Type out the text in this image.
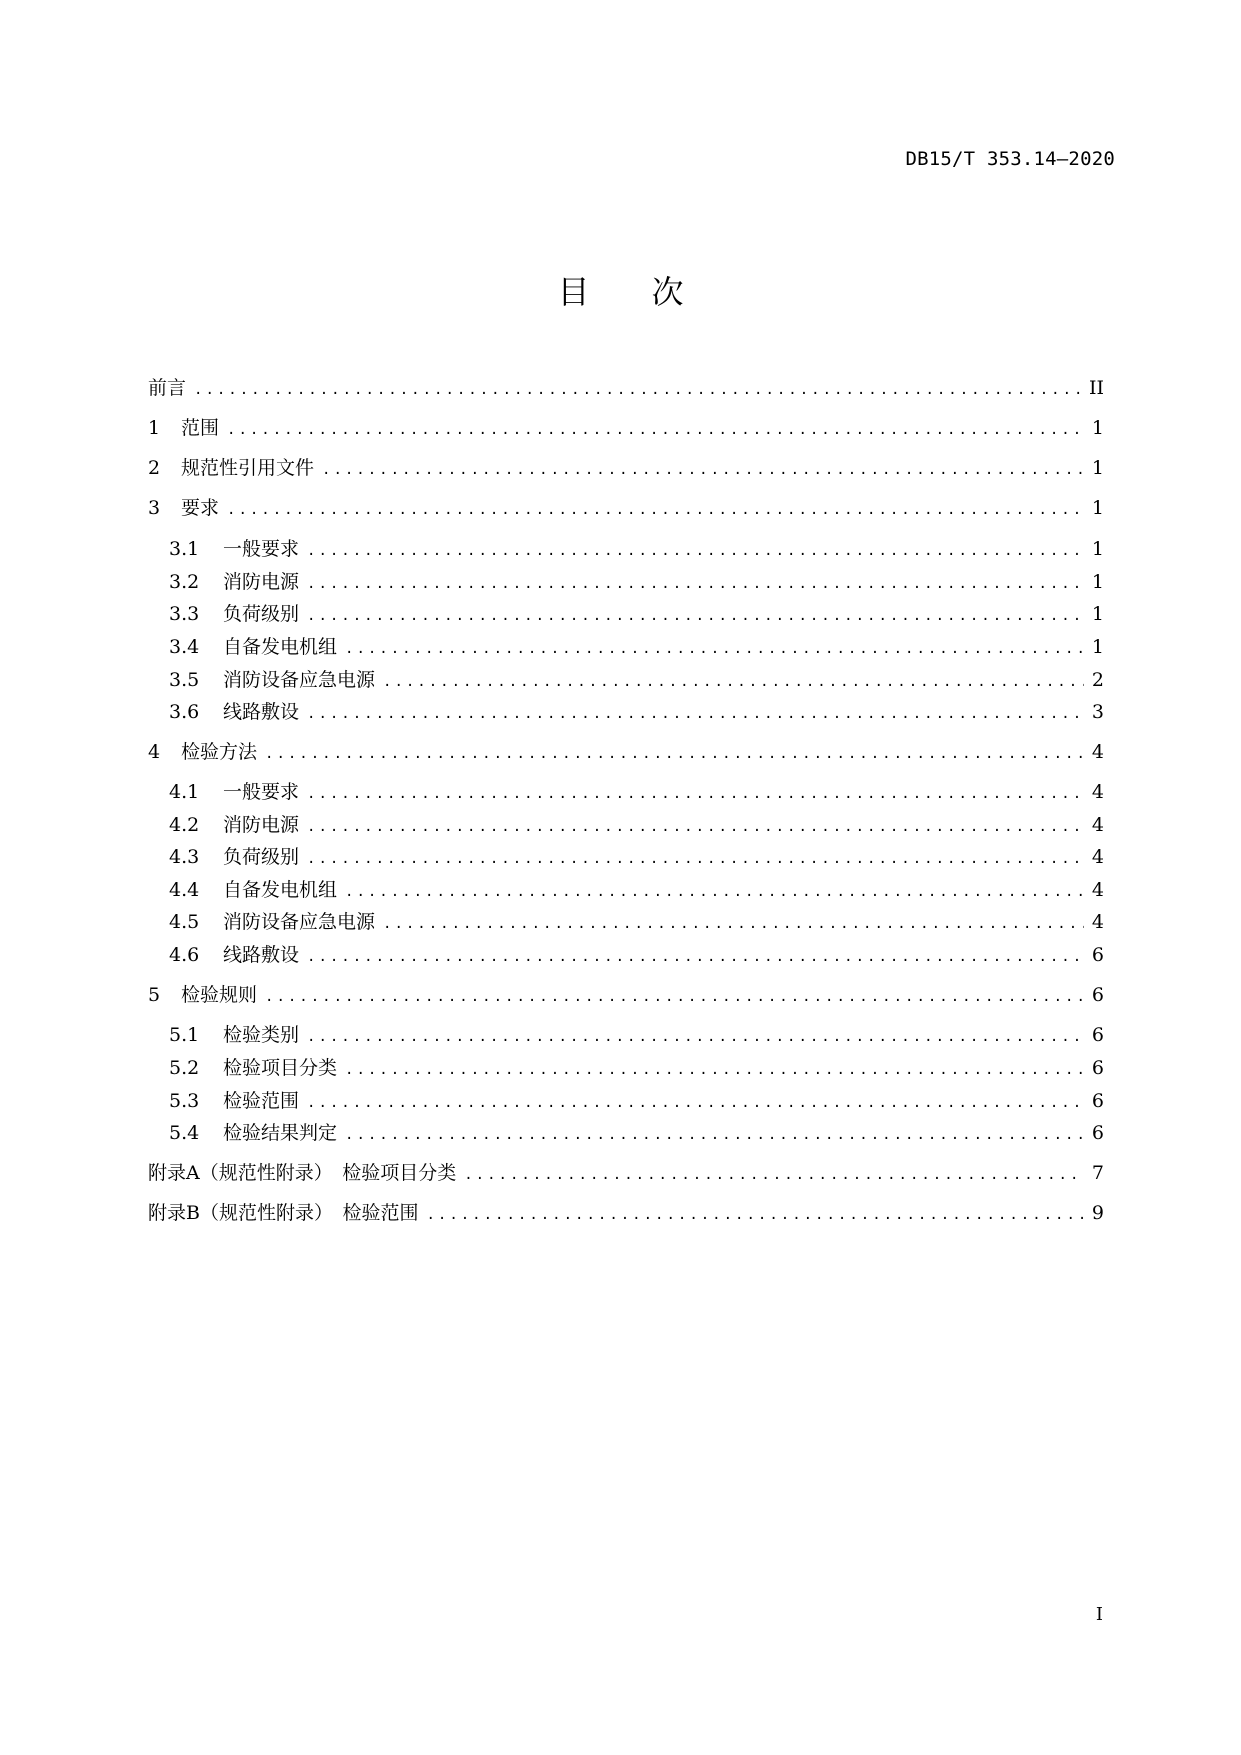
DB15/T 353.14—2020
目次
前言 .....	II
1	范围 .....	1
2	规范性引用文件 .....	1
3	要求 .....	1
3.1	一般要求 .....	1
3.2	消防电源 .....	1
3.3	负荷级别 .....	1
3.4	自备发电机组 .....	1
3.5	消防设备应急电源 .....	2
3.6	线路敷设 .....	3
4	检验方法 .....	4
4.1	一般要求 .....	4
4.2	消防电源 .....	4
4.3	负荷级别 .....	4
4.4	自备发电机组 .....	4
4.5	消防设备应急电源 .....	4
4.6	线路敷设 .....	6
5	检验规则 .....	6
5.1	检验类别 .....	6
5.2	检验项目分类 .....	6
5.3	检验范围 .....	6
5.4	检验结果判定 .....	6
附录A（规范性附录）　检验项目分类 .....	7
附录B（规范性附录）　检验范围 .....	9
I
